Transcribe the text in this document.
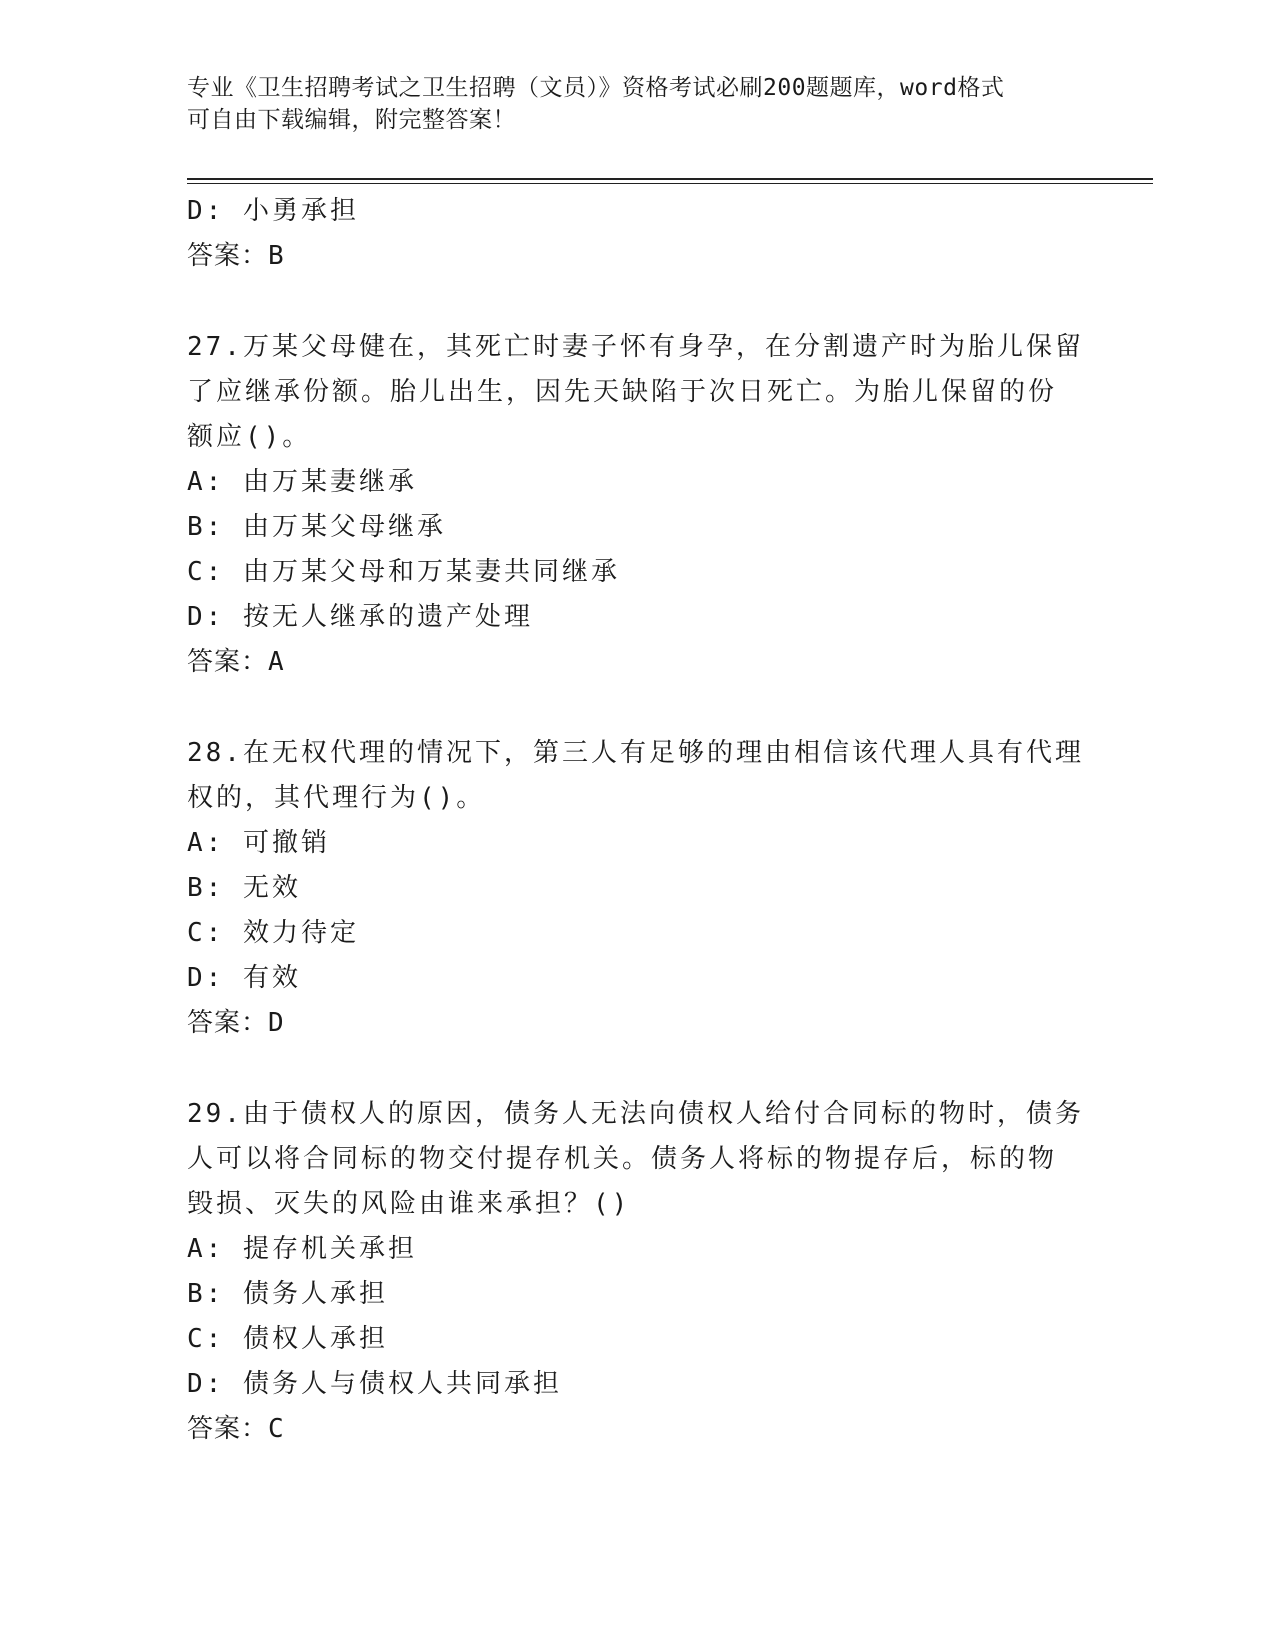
专业《卫生招聘考试之卫生招聘（文员）》资格考试必刷200题题库，word格式
可自由下载编辑，附完整答案！
D: 小勇承担
答案：B
27.万某父母健在，其死亡时妻子怀有身孕，在分割遗产时为胎儿保留
了应继承份额。胎儿出生，因先天缺陷于次日死亡。为胎儿保留的份
额应()。
A: 由万某妻继承
B: 由万某父母继承
C: 由万某父母和万某妻共同继承
D: 按无人继承的遗产处理
答案：A
28.在无权代理的情况下，第三人有足够的理由相信该代理人具有代理
权的，其代理行为()。
A: 可撤销
B: 无效
C: 效力待定
D: 有效
答案：D
29.由于债权人的原因，债务人无法向债权人给付合同标的物时，债务
人可以将合同标的物交付提存机关。债务人将标的物提存后，标的物
毁损、灭失的风险由谁来承担？()
A: 提存机关承担
B: 债务人承担
C: 债权人承担
D: 债务人与债权人共同承担
答案：C
